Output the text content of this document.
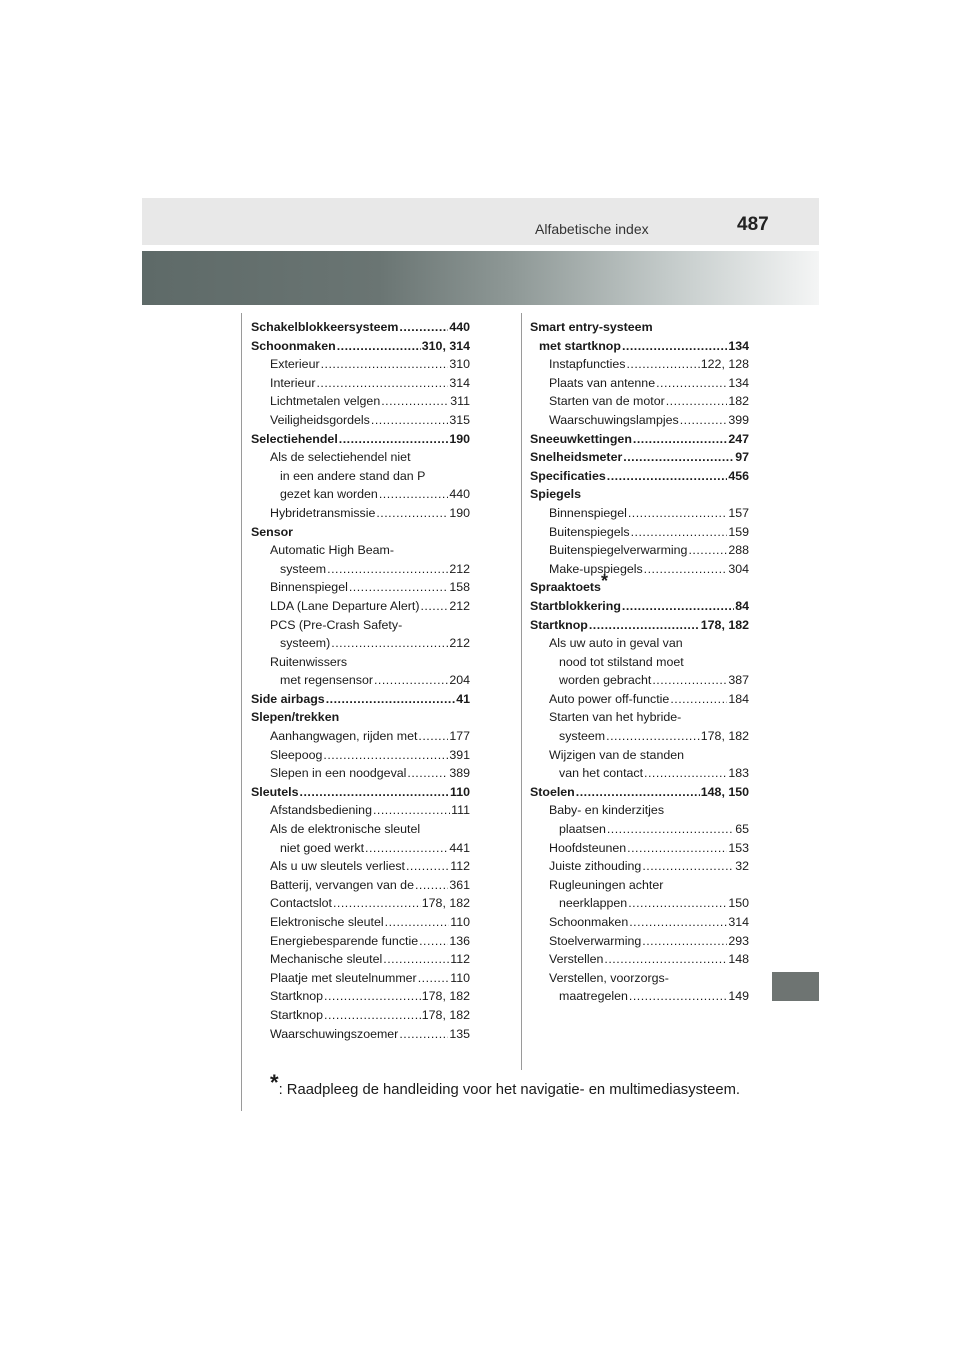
Alfabetische index	487
Schakelblokkeersysteem .....	440
Schoonmaken .....	310, 314
Exterieur .....	310
Interieur .....	314
Lichtmetalen velgen .....	311
Veiligheidsgordels .....	315
Selectiehendel .....	190
Als de selectiehendel niet
in een andere stand dan P
gezet kan worden .....	440
Hybridetransmissie .....	190
Sensor
Automatic High Beam-
systeem .....	212
Binnenspiegel .....	158
LDA (Lane Departure Alert) ..... 212
PCS (Pre-Crash Safety-
systeem) .....	212
Ruitenwissers
met regensensor .....	204
Side airbags .....	41
Slepen/trekken
Aanhangwagen, rijden met .....	177
Sleepoog .....	391
Slepen in een noodgeval .....	389
Sleutels .....	110
Afstandsbediening .....	111
Als de elektronische sleutel
niet goed werkt .....	441
Als u uw sleutels verliest .....	112
Batterij, vervangen van de .....	361
Contactslot .....	178, 182
Elektronische sleutel .....	110
Energiebesparende functie .....	136
Mechanische sleutel .....	112
Plaatje met sleutelnummer .....	110
Startknop .....	178, 182
Startknop .....	178, 182
Waarschuwingszoemer .....	135
Smart entry-systeem
met startknop .....	134
Instapfuncties .....	122, 128
Plaats van antenne .....	134
Starten van de motor .....	182
Waarschuwingslampjes .....	399
Sneeuwkettingen .....	247
Snelheidsmeter .....	97
Specificaties .....	456
Spiegels
Binnenspiegel .....	157
Buitenspiegels .....	159
Buitenspiegelverwarming .....	288
Make-upspiegels .....	304
Spraaktoets*
Startblokkering .....	84
Startknop .....	178, 182
Als uw auto in geval van
nood tot stilstand moet
worden gebracht .....	387
Auto power off-functie .....	184
Starten van het hybride-
systeem .....	178, 182
Wijzigen van de standen
van het contact .....	183
Stoelen .....	148, 150
Baby- en kinderzitjes
plaatsen .....	65
Hoofdsteunen .....	153
Juiste zithouding .....	32
Rugleuningen achter
neerklappen .....	150
Schoonmaken .....	314
Stoelverwarming .....	293
Verstellen .....	148
Verstellen, voorzorgs-
maatregelen .....	149
*: Raadpleeg de handleiding voor het navigatie- en multimediasysteem.
